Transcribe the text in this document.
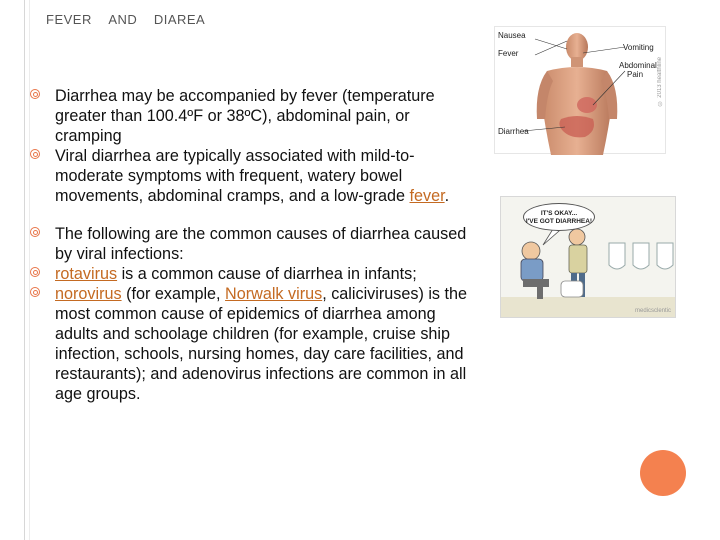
fever and diarea
Diarrhea may be accompanied by fever (temperature greater than 100.4ºF or 38ºC), abdominal pain, or cramping
Viral diarrhea are typically associated with mild-to-moderate symptoms with frequent, watery bowel movements, abdominal cramps, and a low-grade fever.
The following are the common causes of diarrhea caused by viral infections:
rotavirus is a common cause of diarrhea in infants;
norovirus (for example, Norwalk virus, caliciviruses) is the most common cause of epidemics of diarrhea among adults and schoolage children (for example, cruise ship infection, schools, nursing homes, day care facilities, and restaurants); and adenovirus infections are common in all age groups.
Nausea
Fever
Vomiting
Abdominal
Pain
Diarrhea
© 2013 healthline
IT'S OKAY...
I'VE GOT DIARRHEA!
medicsclentic
